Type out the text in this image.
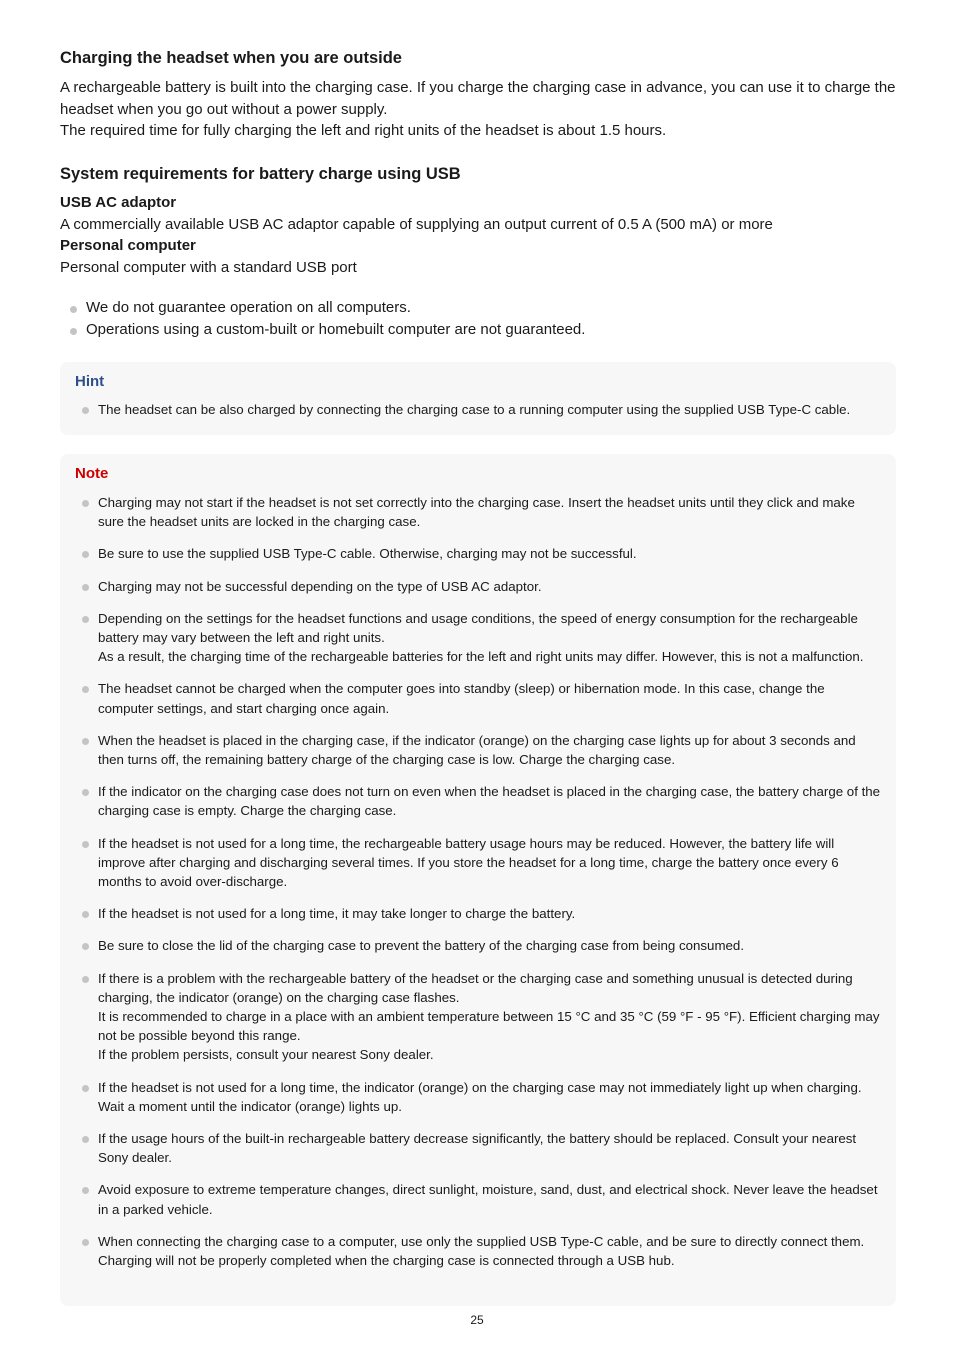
Charging the headset when you are outside
A rechargeable battery is built into the charging case. If you charge the charging case in advance, you can use it to charge the headset when you go out without a power supply.
The required time for fully charging the left and right units of the headset is about 1.5 hours.
System requirements for battery charge using USB
USB AC adaptor
A commercially available USB AC adaptor capable of supplying an output current of 0.5 A (500 mA) or more
Personal computer
Personal computer with a standard USB port
We do not guarantee operation on all computers.
Operations using a custom-built or homebuilt computer are not guaranteed.
Hint
The headset can be also charged by connecting the charging case to a running computer using the supplied USB Type-C cable.
Note
Charging may not start if the headset is not set correctly into the charging case. Insert the headset units until they click and make sure the headset units are locked in the charging case.
Be sure to use the supplied USB Type-C cable. Otherwise, charging may not be successful.
Charging may not be successful depending on the type of USB AC adaptor.
Depending on the settings for the headset functions and usage conditions, the speed of energy consumption for the rechargeable battery may vary between the left and right units.
As a result, the charging time of the rechargeable batteries for the left and right units may differ. However, this is not a malfunction.
The headset cannot be charged when the computer goes into standby (sleep) or hibernation mode. In this case, change the computer settings, and start charging once again.
When the headset is placed in the charging case, if the indicator (orange) on the charging case lights up for about 3 seconds and then turns off, the remaining battery charge of the charging case is low. Charge the charging case.
If the indicator on the charging case does not turn on even when the headset is placed in the charging case, the battery charge of the charging case is empty. Charge the charging case.
If the headset is not used for a long time, the rechargeable battery usage hours may be reduced. However, the battery life will improve after charging and discharging several times. If you store the headset for a long time, charge the battery once every 6 months to avoid over-discharge.
If the headset is not used for a long time, it may take longer to charge the battery.
Be sure to close the lid of the charging case to prevent the battery of the charging case from being consumed.
If there is a problem with the rechargeable battery of the headset or the charging case and something unusual is detected during charging, the indicator (orange) on the charging case flashes.
It is recommended to charge in a place with an ambient temperature between 15 °C and 35 °C (59 °F - 95 °F). Efficient charging may not be possible beyond this range.
If the problem persists, consult your nearest Sony dealer.
If the headset is not used for a long time, the indicator (orange) on the charging case may not immediately light up when charging. Wait a moment until the indicator (orange) lights up.
If the usage hours of the built-in rechargeable battery decrease significantly, the battery should be replaced. Consult your nearest Sony dealer.
Avoid exposure to extreme temperature changes, direct sunlight, moisture, sand, dust, and electrical shock. Never leave the headset in a parked vehicle.
When connecting the charging case to a computer, use only the supplied USB Type-C cable, and be sure to directly connect them. Charging will not be properly completed when the charging case is connected through a USB hub.
25
